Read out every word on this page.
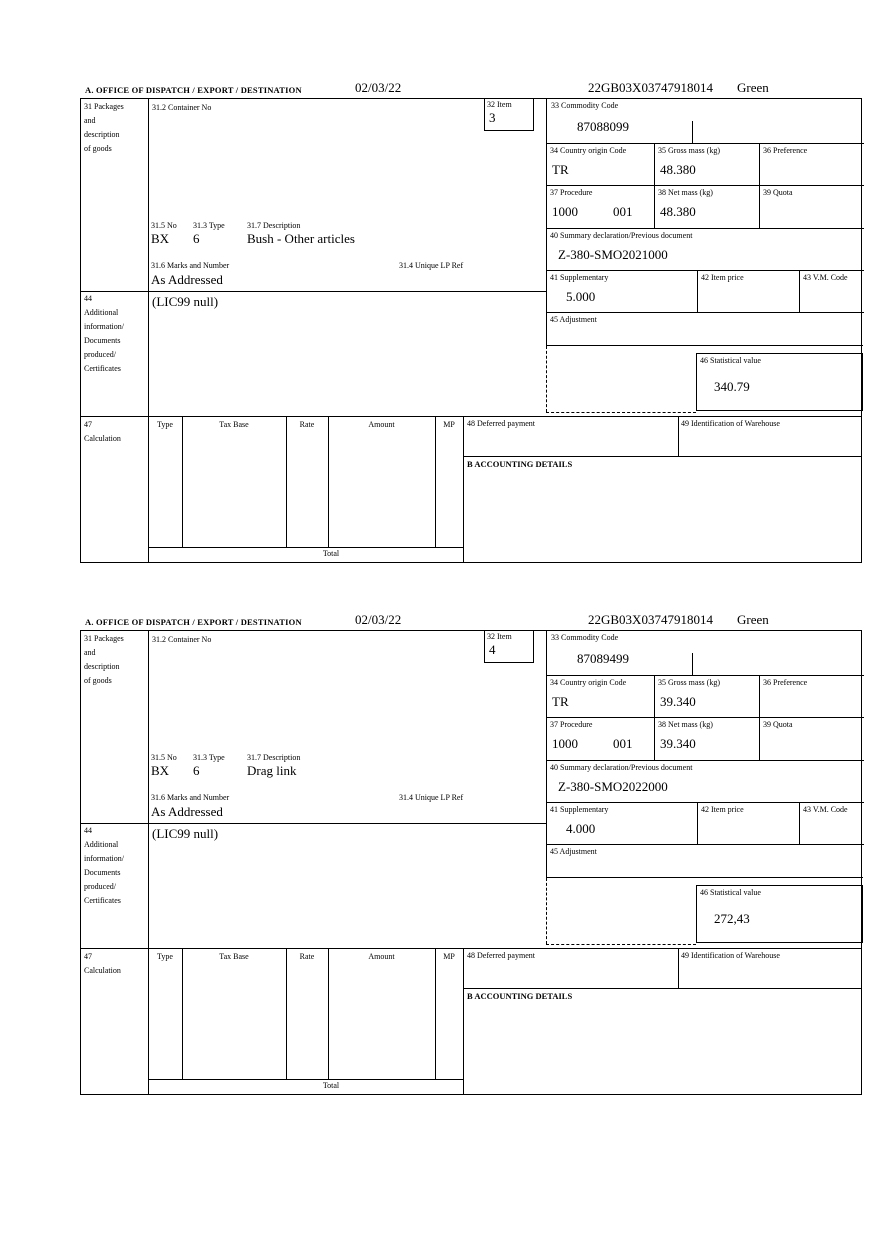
A. OFFICE OF DISPATCH / EXPORT / DESTINATION	02/03/22	22GB03X03747918014 Green
31 Packages
and
description
of goods
31.2 Container No	32 Item
3
31.5 No 31.3 Type	31.7 Description
BX 6	Bush - Other articles
31.6 Marks and Number	31.4 Unique LP Ref
As Addressed
44
Additional
information/
Documents
produced/
Certificates
(LIC99 null)
33 Commodity Code
87088099
34 Country origin Code
TR
35 Gross mass (kg)
48.380
36 Preference
37 Procedure
1000	001
38 Net mass (kg)
48.380
39 Quota
40 Summary declaration/Previous document
Z-380-SMO2021000
41 Supplementary
5.000
42 Item price	43 V.M. Code
45 Adjustment
46 Statistical value
340.79
47
Calculation
Type	Tax Base	Rate	Amount	MP
Total
48 Deferred payment	49 Identification of Warehouse
B ACCOUNTING DETAILS
A. OFFICE OF DISPATCH / EXPORT / DESTINATION	02/03/22	22GB03X03747918014 Green
31 Packages
and
description
of goods
31.2 Container No	32 Item
4
31.5 No 31.3 Type	31.7 Description
BX 6	Drag link
31.6 Marks and Number	31.4 Unique LP Ref
As Addressed
44
Additional
information/
Documents
produced/
Certificates
(LIC99 null)
33 Commodity Code
87089499
34 Country origin Code
TR
35 Gross mass (kg)
39.340
36 Preference
37 Procedure
1000	001
38 Net mass (kg)
39.340
39 Quota
40 Summary declaration/Previous document
Z-380-SMO2022000
41 Supplementary
4.000
42 Item price	43 V.M. Code
45 Adjustment
46 Statistical value
272,43
47
Calculation
Type	Tax Base	Rate	Amount	MP
Total
48 Deferred payment	49 Identification of Warehouse
B ACCOUNTING DETAILS
